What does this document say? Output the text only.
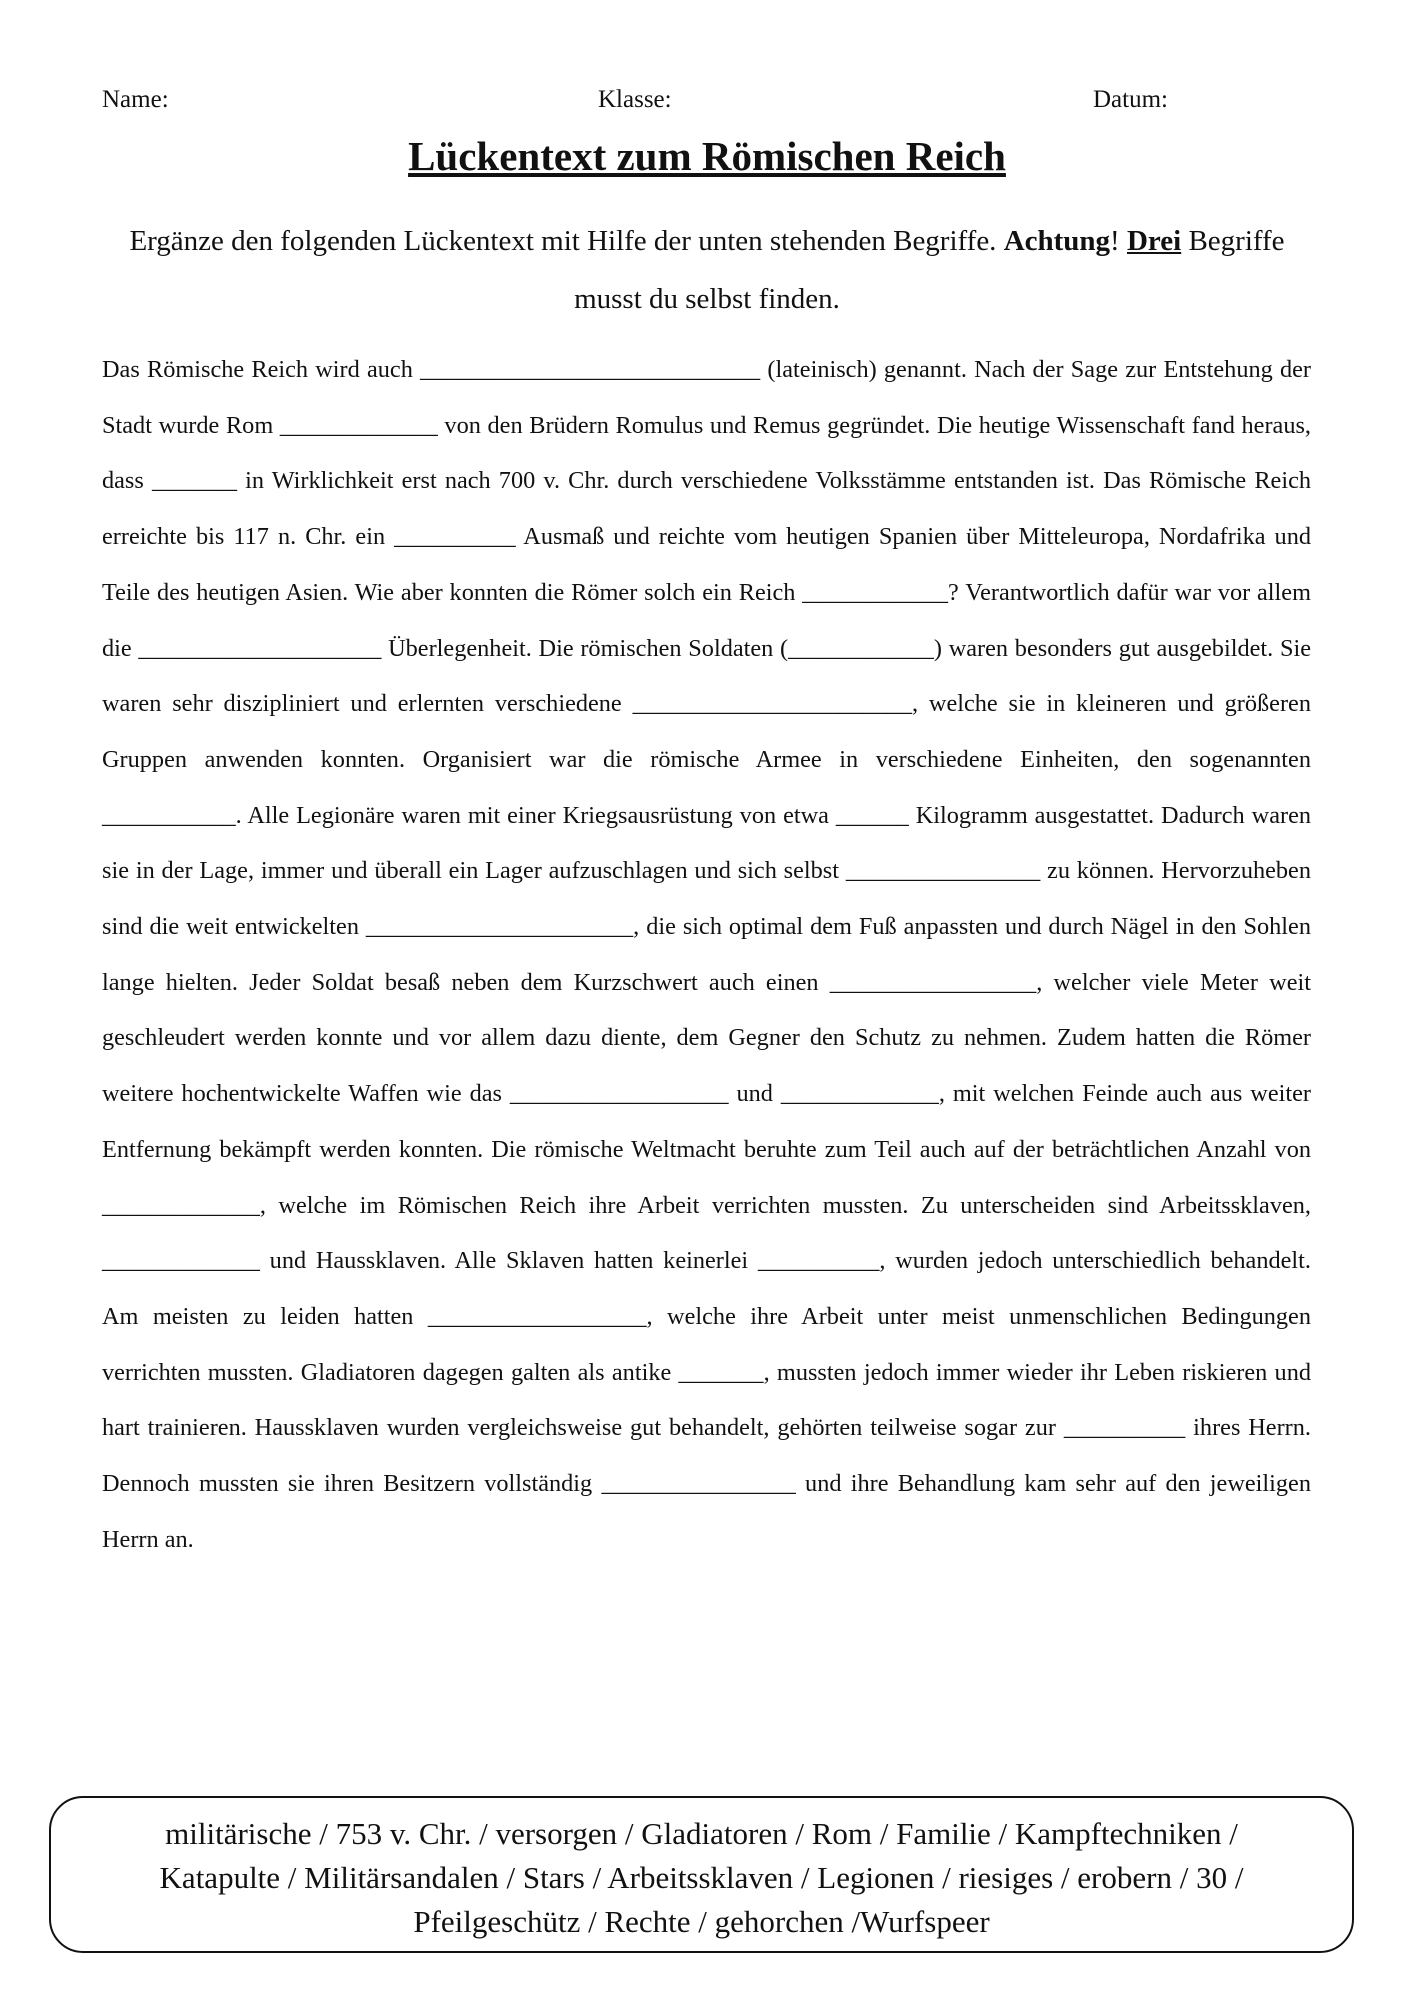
Name:	Klasse:	Datum:
Lückentext zum Römischen Reich
Ergänze den folgenden Lückentext mit Hilfe der unten stehenden Begriffe. Achtung! Drei Begriffe musst du selbst finden.
Das Römische Reich wird auch ____________________________ (lateinisch) genannt. Nach der Sage zur Entstehung der Stadt wurde Rom _____________ von den Brüdern Romulus und Remus gegründet. Die heutige Wissenschaft fand heraus, dass _______ in Wirklichkeit erst nach 700 v. Chr. durch verschiedene Volksstämme entstanden ist. Das Römische Reich erreichte bis 117 n. Chr. ein __________ Ausmaß und reichte vom heutigen Spanien über Mitteleuropa, Nordafrika und Teile des heutigen Asien. Wie aber konnten die Römer solch ein Reich ____________? Verantwortlich dafür war vor allem die ____________________ Überlegenheit. Die römischen Soldaten (____________) waren besonders gut ausgebildet. Sie waren sehr diszipliniert und erlernten verschiedene _______________________, welche sie in kleineren und größeren Gruppen anwenden konnten. Organisiert war die römische Armee in verschiedene Einheiten, den sogenannten ___________. Alle Legionäre waren mit einer Kriegsausrüstung von etwa ______ Kilogramm ausgestattet. Dadurch waren sie in der Lage, immer und überall ein Lager aufzuschlagen und sich selbst ________________ zu können. Hervorzuheben sind die weit entwickelten ______________________, die sich optimal dem Fuß anpassten und durch Nägel in den Sohlen lange hielten. Jeder Soldat besaß neben dem Kurzschwert auch einen _________________, welcher viele Meter weit geschleudert werden konnte und vor allem dazu diente, dem Gegner den Schutz zu nehmen. Zudem hatten die Römer weitere hochentwickelte Waffen wie das __________________ und _____________, mit welchen Feinde auch aus weiter Entfernung bekämpft werden konnten. Die römische Weltmacht beruhte zum Teil auch auf der beträchtlichen Anzahl von _____________, welche im Römischen Reich ihre Arbeit verrichten mussten. Zu unterscheiden sind Arbeitssklaven, _____________ und Haussklaven. Alle Sklaven hatten keinerlei __________, wurden jedoch unterschiedlich behandelt. Am meisten zu leiden hatten __________________, welche ihre Arbeit unter meist unmenschlichen Bedingungen verrichten mussten. Gladiatoren dagegen galten als antike _______, mussten jedoch immer wieder ihr Leben riskieren und hart trainieren. Haussklaven wurden vergleichsweise gut behandelt, gehörten teilweise sogar zur __________ ihres Herrn. Dennoch mussten sie ihren Besitzern vollständig ________________ und ihre Behandlung kam sehr auf den jeweiligen Herrn an.
militärische / 753 v. Chr. / versorgen / Gladiatoren / Rom / Familie / Kampftechniken /
Katapulte / Militärsandalen / Stars / Arbeitssklaven / Legionen / riesiges / erobern / 30 /
Pfeilgeschütz / Rechte / gehorchen /Wurfspeer
